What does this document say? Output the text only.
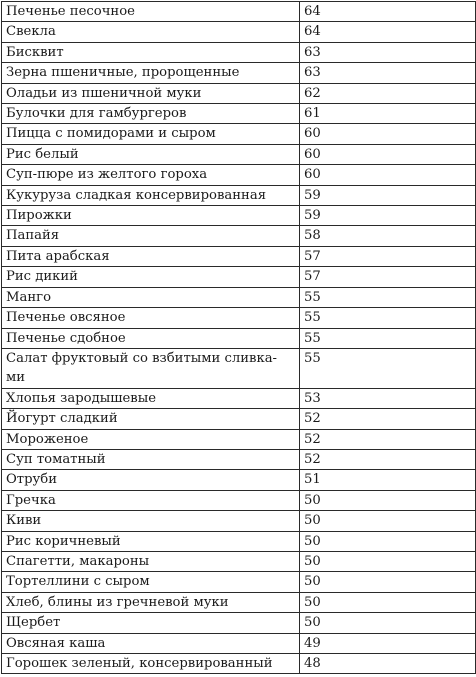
Печенье песочное	64
Свекла	64
Бисквит	63
Зерна пшеничные, пророщенные	63
Оладьи из пшеничной муки	62
Булочки для гамбургеров	61
Пицца с помидорами и сыром	60
Рис белый	60
Суп-пюре из желтого гороха	60
Кукуруза сладкая консервированная	59
Пирожки	59
Папайя	58
Пита арабская	57
Рис дикий	57
Манго	55
Печенье овсяное	55
Печенье сдобное	55

Салат фруктовый со взбитыми сливка-
ми	55
Хлопья зародышевые	53
Йогурт сладкий	52
Мороженое	52
Суп томатный	52
Отруби	51
Гречка	50
Киви	50
Рис коричневый	50
Спагетти, макароны	50
Тортеллини с сыром	50
Хлеб, блины из гречневой муки	50
Щербет	50
Овсяная каша	49
Горошек зеленый, консервированный	48
